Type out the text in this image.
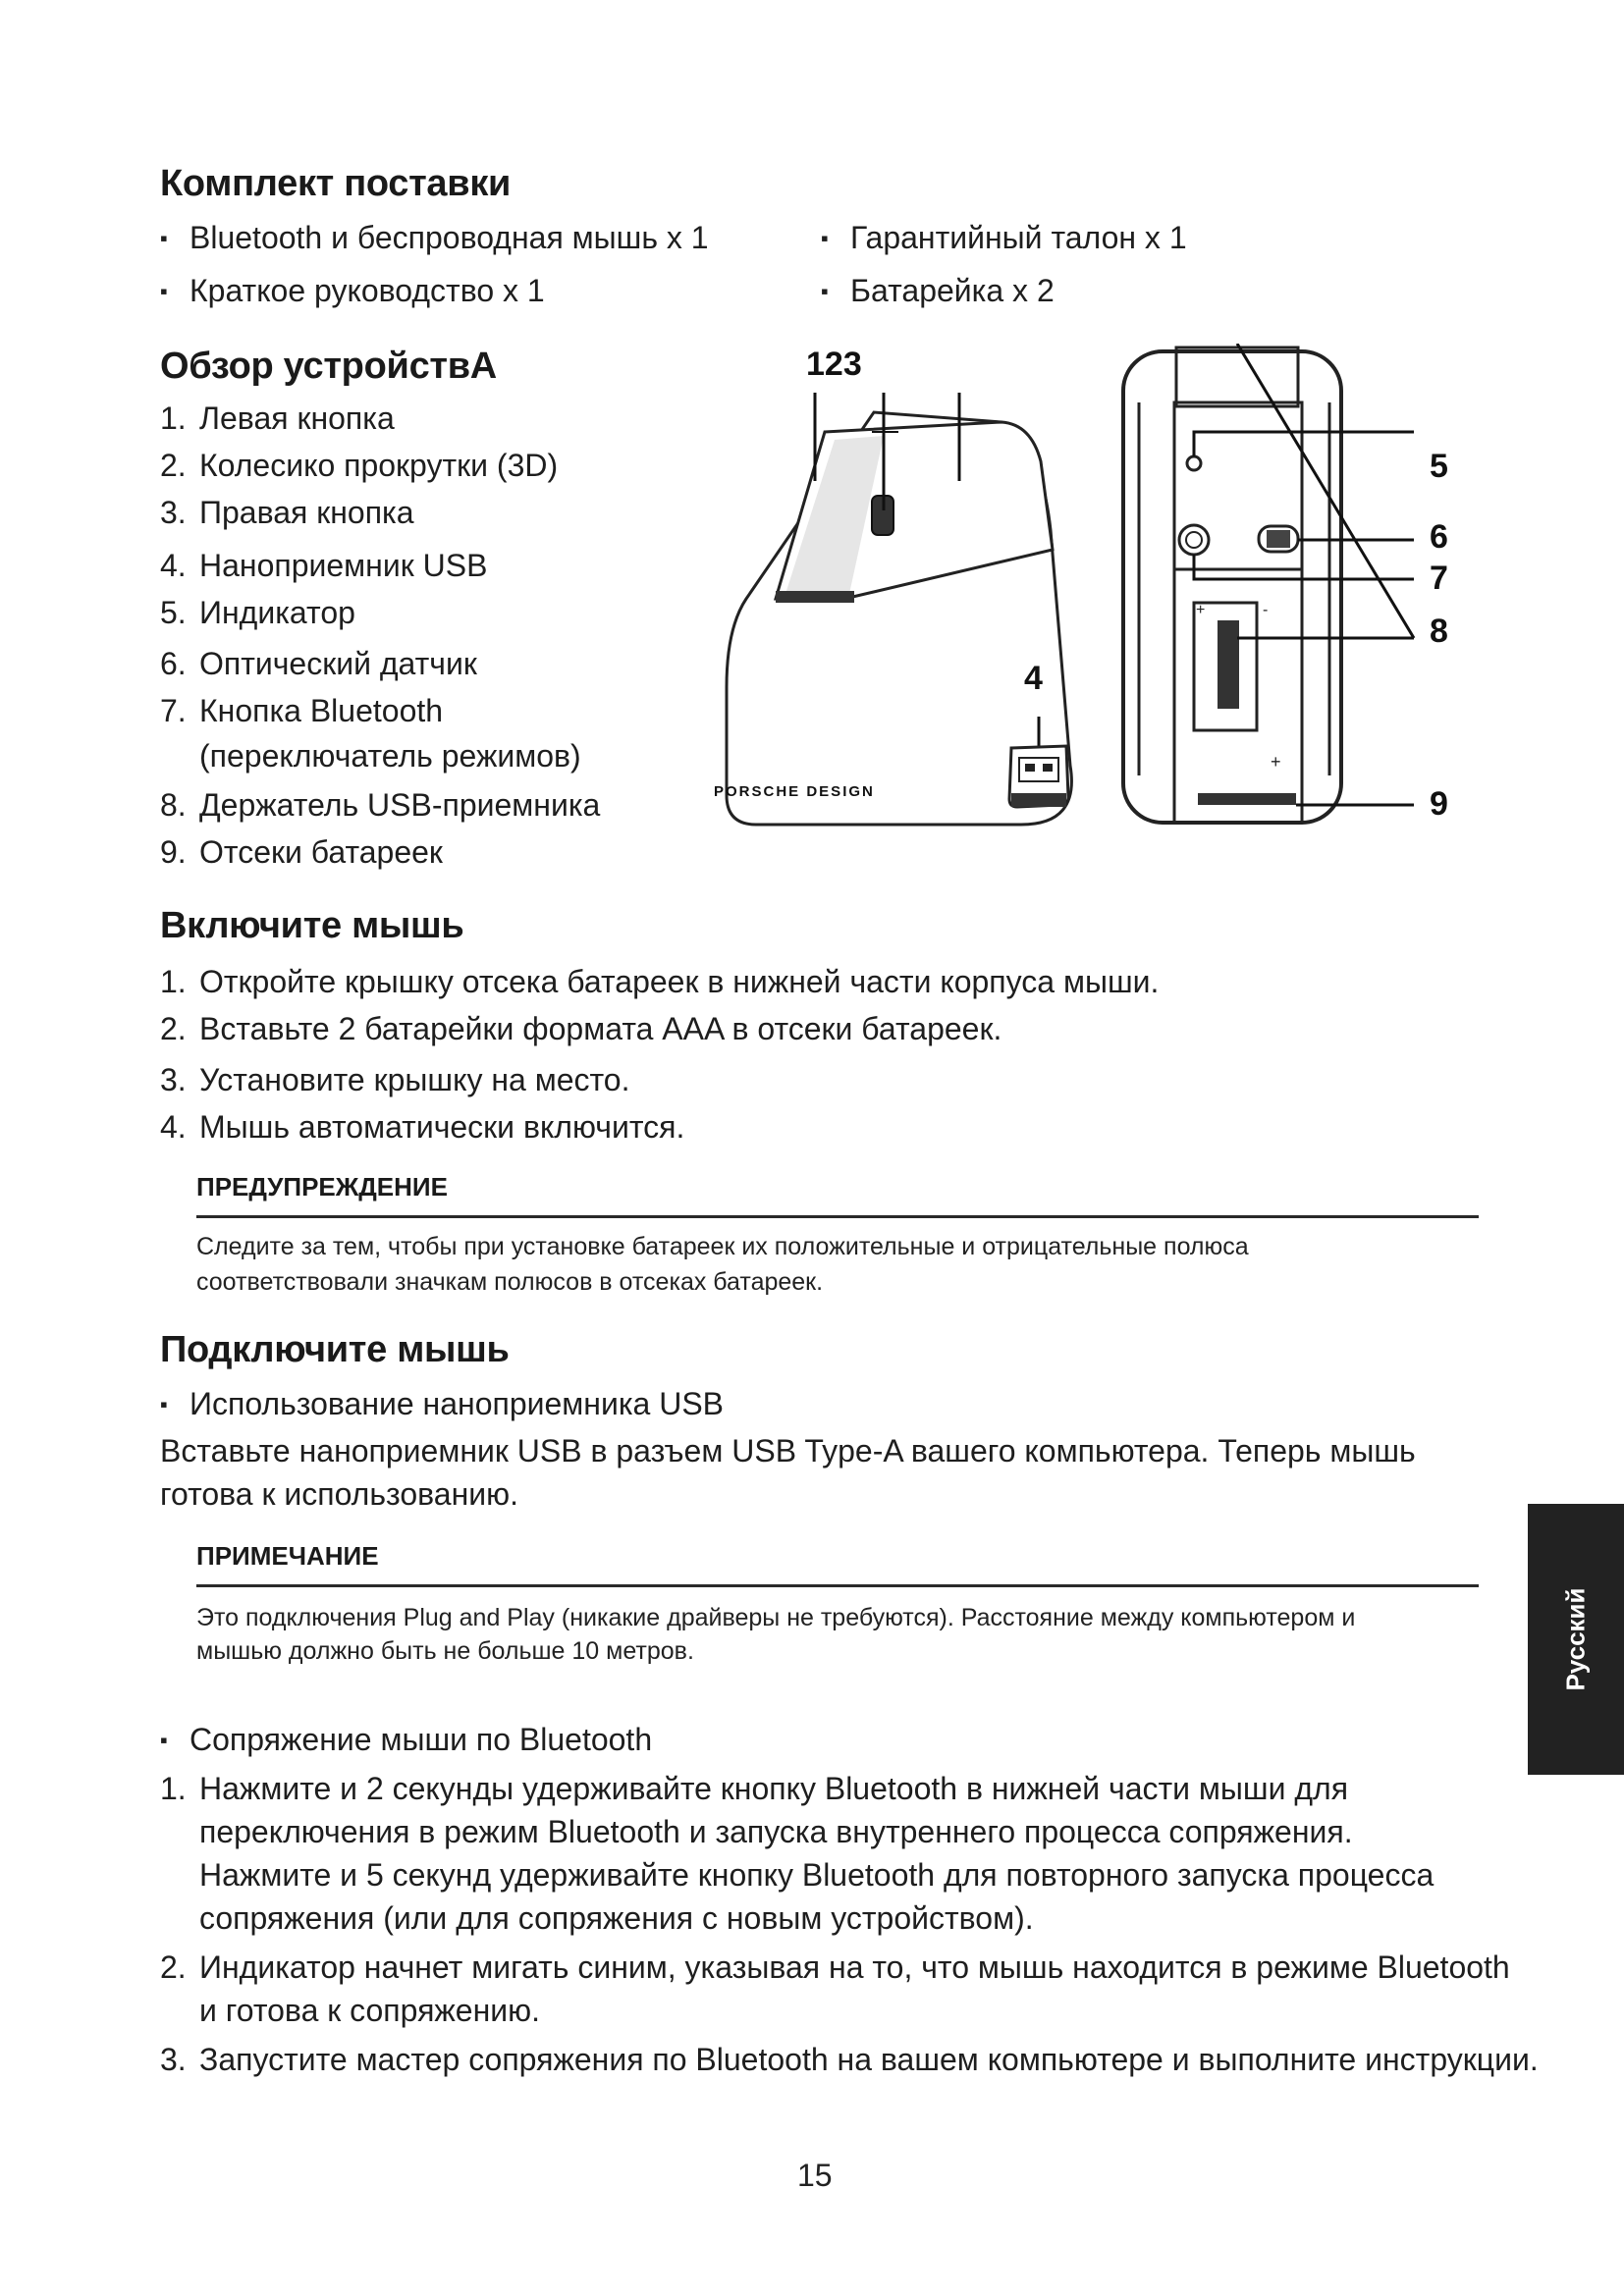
Комплект поставки
▪ Bluetooth и беспроводная мышь x 1
▪ Краткое руководство x 1
▪ Гарантийный талон x 1
▪ Батарейка x 2
Обзор устройствА
1. Левая кнопка
2. Колесико прокрутки (3D)
3. Правая кнопка
4. Наноприемник USB
5. Индикатор
6. Оптический датчик
7. Кнопка Bluetooth
(переключатель режимов)
8. Держатель USB-приемника
9. Отсеки батареек
123
PORSCHE DESIGN
4
+	-
+
5
6
7
8
9
Включите мышь
1. Откройте крышку отсека батареек в нижней части корпуса мыши.
2. Вставьте 2 батарейки формата AAA в отсеки батареек.
3. Установите крышку на место.
4. Мышь автоматически включится.
ПРЕДУПРЕЖДЕНИЕ
Следите за тем, чтобы при установке батареек их положительные и отрицательные полюса
соответствовали значкам полюсов в отсеках батареек.
Подключите мышь
▪ Использование наноприемника USB
Вставьте наноприемник USB в разъем USB Type-A вашего компьютера. Теперь мышь
готова к использованию.
ПРИМЕЧАНИЕ
Это подключения Plug and Play (никакие драйверы не требуются). Расстояние между компьютером и
мышью должно быть не больше 10 метров.
▪ Сопряжение мыши по Bluetooth
1. Нажмите и 2 секунды удерживайте кнопку Bluetooth в нижней части мыши для
переключения в режим Bluetooth и запуска внутреннего процесса сопряжения.
Нажмите и 5 секунд удерживайте кнопку Bluetooth для повторного запуска процесса
сопряжения (или для сопряжения с новым устройством).
2. Индикатор начнет мигать синим, указывая на то, что мышь находится в режиме Bluetooth
и готова к сопряжению.
3. Запустите мастер сопряжения по Bluetooth на вашем компьютере и выполните инструкции.
15
Русский
